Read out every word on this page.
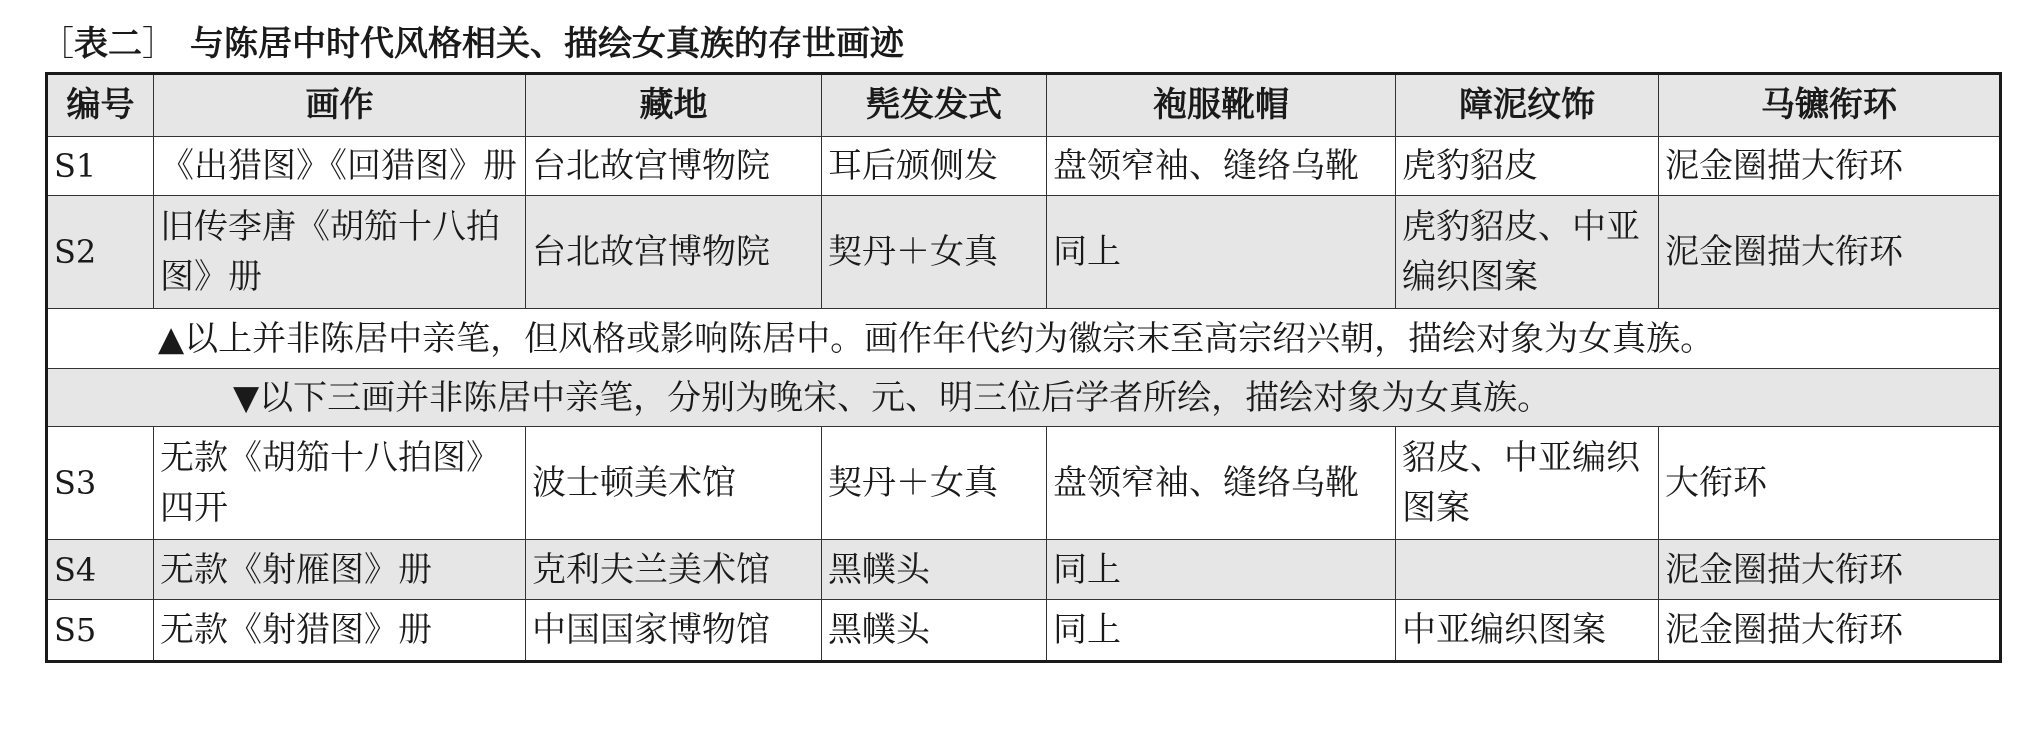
［表二］ 与陈居中时代风格相关、描绘女真族的存世画迹
编号	画作	藏地	髡发发式	袍服靴帽	障泥纹饰	马镳衔环
S1	《出猎图》《回猎图》册	台北故宫博物院	耳后颁侧发	盘领窄袖、缝络乌靴	虎豹貂皮	泥金圈描大衔环
S2	旧传李唐《胡笳十八拍图》册	台北故宫博物院	契丹＋女真	同上	虎豹貂皮、中亚编织图案	泥金圈描大衔环
▲以上并非陈居中亲笔，但风格或影响陈居中。画作年代约为徽宗末至高宗绍兴朝，描绘对象为女真族。						
▼以下三画并非陈居中亲笔，分别为晚宋、元、明三位后学者所绘，描绘对象为女真族。						
S3	无款《胡笳十八拍图》四开	波士顿美术馆	契丹＋女真	盘领窄袖、缝络乌靴	貂皮、中亚编织图案	大衔环
S4	无款《射雁图》册	克利夫兰美术馆	黑幞头	同上		泥金圈描大衔环
S5	无款《射猎图》册	中国国家博物馆	黑幞头	同上	中亚编织图案	泥金圈描大衔环
